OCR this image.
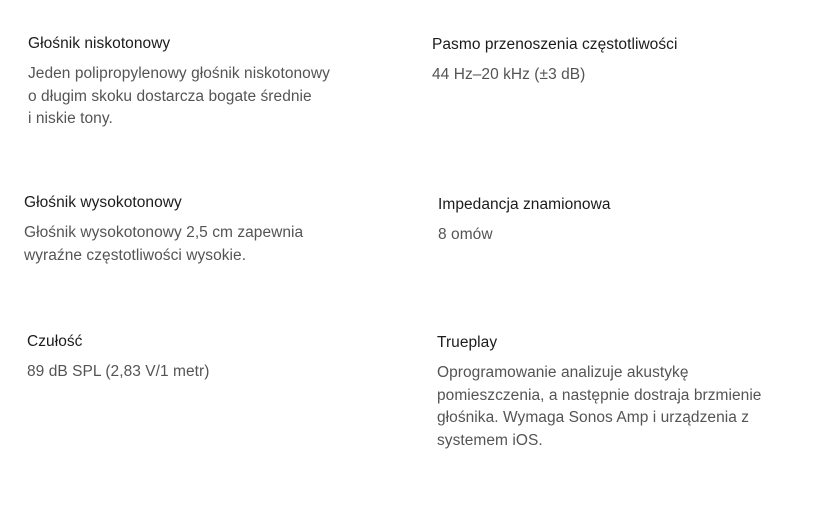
Głośnik niskotonowy
Jeden polipropylenowy głośnik niskotonowy
o długim skoku dostarcza bogate średnie
i niskie tony.
Pasmo przenoszenia częstotliwości
44 Hz–20 kHz (±3 dB)
Głośnik wysokotonowy
Głośnik wysokotonowy 2,5 cm zapewnia
wyraźne częstotliwości wysokie.
Impedancja znamionowa
8 omów
Czułość
89 dB SPL (2,83 V/1 metr)
Trueplay
Oprogramowanie analizuje akustykę
pomieszczenia, a następnie dostraja brzmienie
głośnika. Wymaga Sonos Amp i urządzenia z
systemem iOS.
